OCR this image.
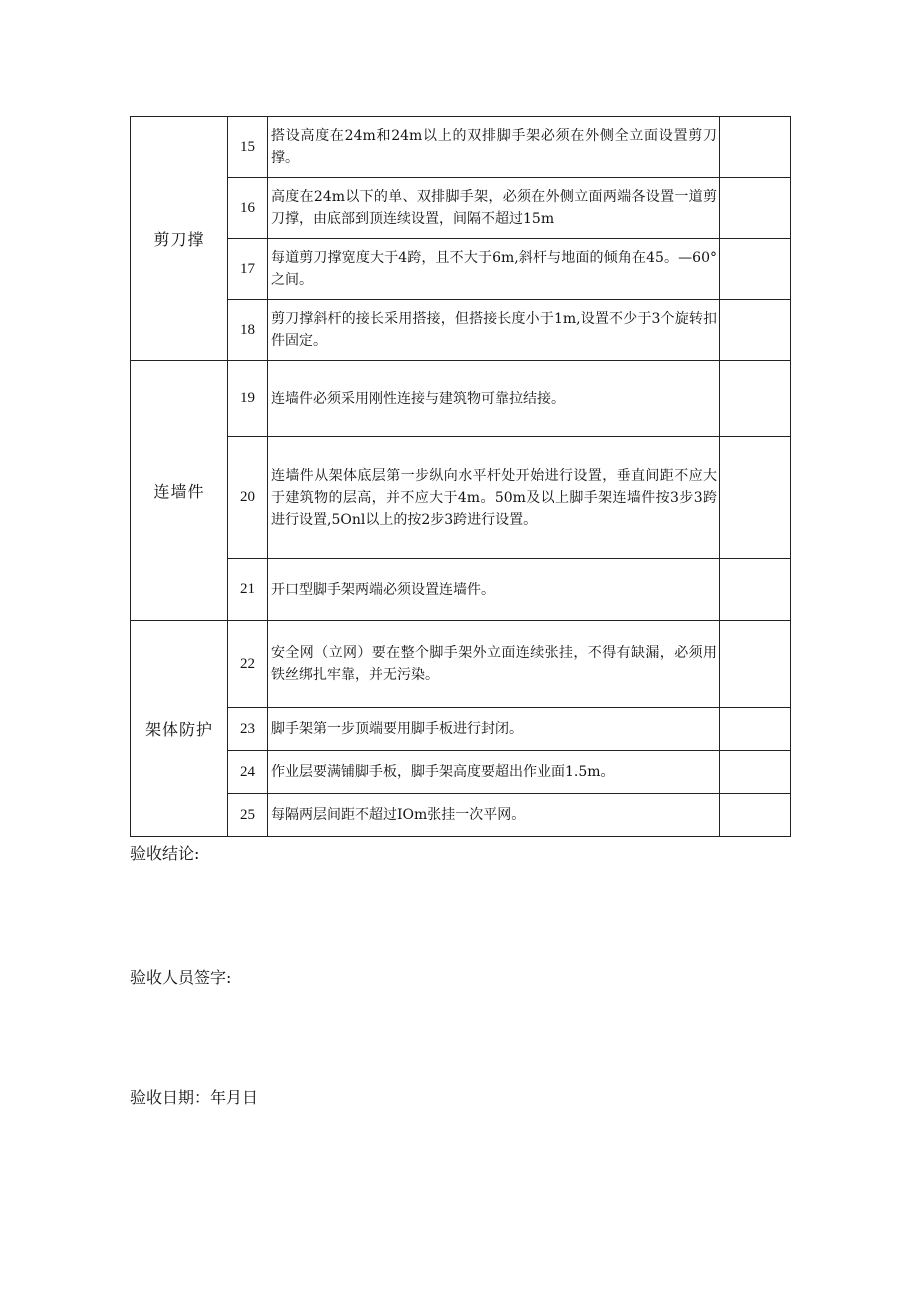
剪刀撑	15	搭设高度在24m和24m以上的双排脚手架必须在外侧全立面设置剪刀撑。	
	16	高度在24m以下的单、双排脚手架，必须在外侧立面两端各设置一道剪刀撑，由底部到顶连续设置，间隔不超过15m	
	17	每道剪刀撑宽度大于4跨，且不大于6m,斜杆与地面的倾角在45。—60°之间。	
	18	剪刀撑斜杆的接长采用搭接，但搭接长度小于1m,设置不少于3个旋转扣件固定。	
连墙件	19	连墙件必须采用刚性连接与建筑物可靠拉结接。	
	20	连墙件从架体底层第一步纵向水平杆处开始进行设置，垂直间距不应大于建筑物的层高，并不应大于4m。50m及以上脚手架连墙件按3步3跨进行设置,5Onl以上的按2步3跨进行设置。	
	21	开口型脚手架两端必须设置连墙件。	
架体防护	22	安全网（立网）要在整个脚手架外立面连续张挂，不得有缺漏，必须用铁丝绑扎牢靠，并无污染。	
	23	脚手架第一步顶端要用脚手板进行封闭。	
	24	作业层要满铺脚手板，脚手架高度要超出作业面1.5m。	
	25	每隔两层间距不超过IOm张挂一次平网。	
验收结论:
验收人员签字:
验收日期：年月日
